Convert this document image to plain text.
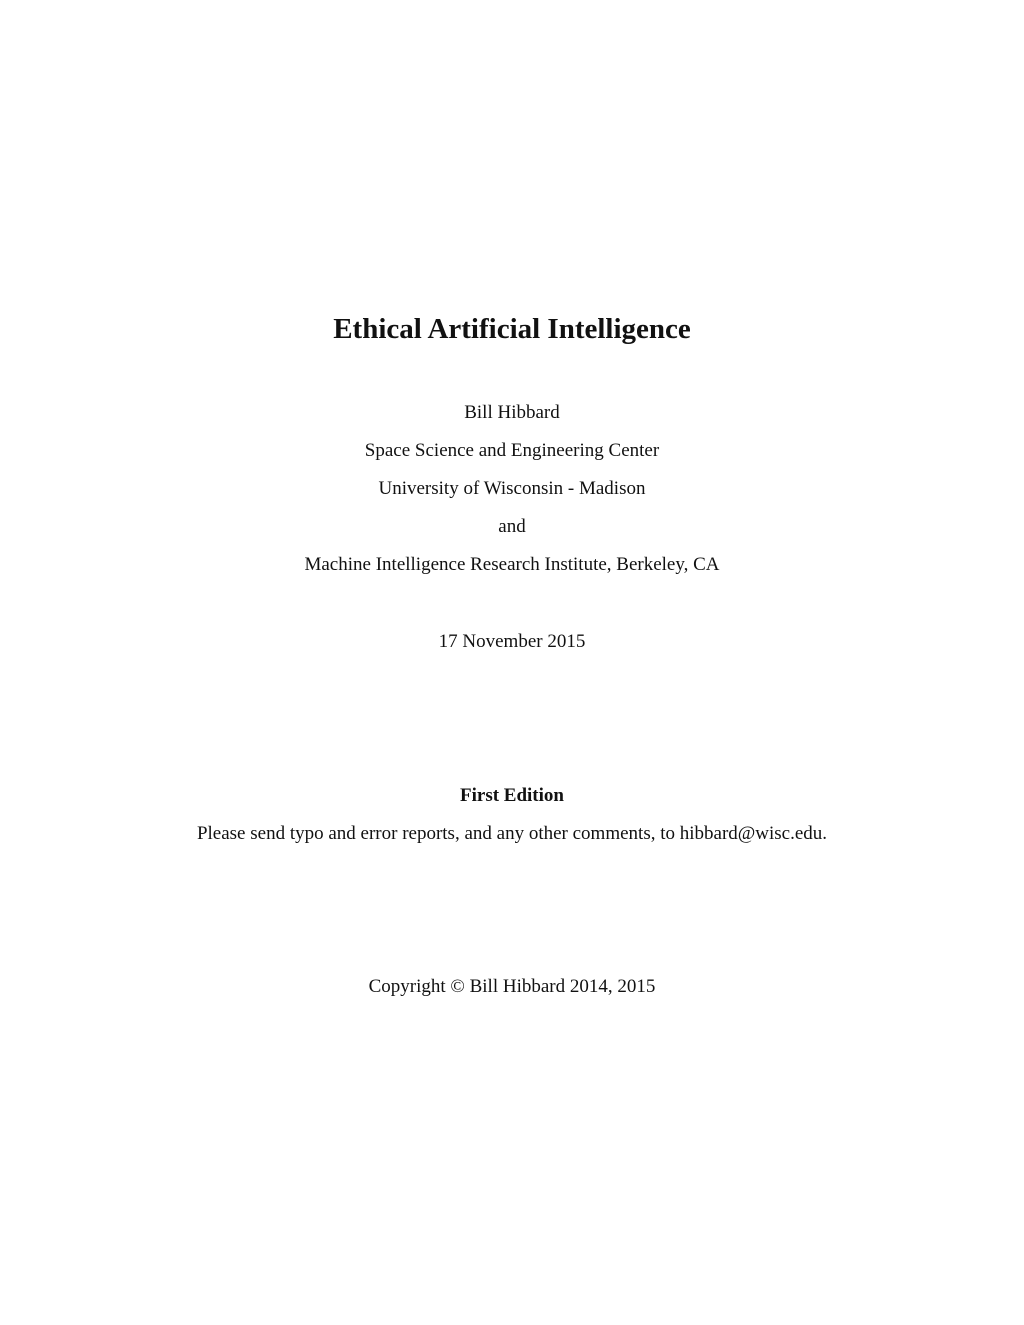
Ethical Artificial Intelligence
Bill Hibbard
Space Science and Engineering Center
University of Wisconsin - Madison
and
Machine Intelligence Research Institute, Berkeley, CA
17 November 2015
First Edition
Please send typo and error reports, and any other comments, to hibbard@wisc.edu.
Copyright © Bill Hibbard 2014, 2015
